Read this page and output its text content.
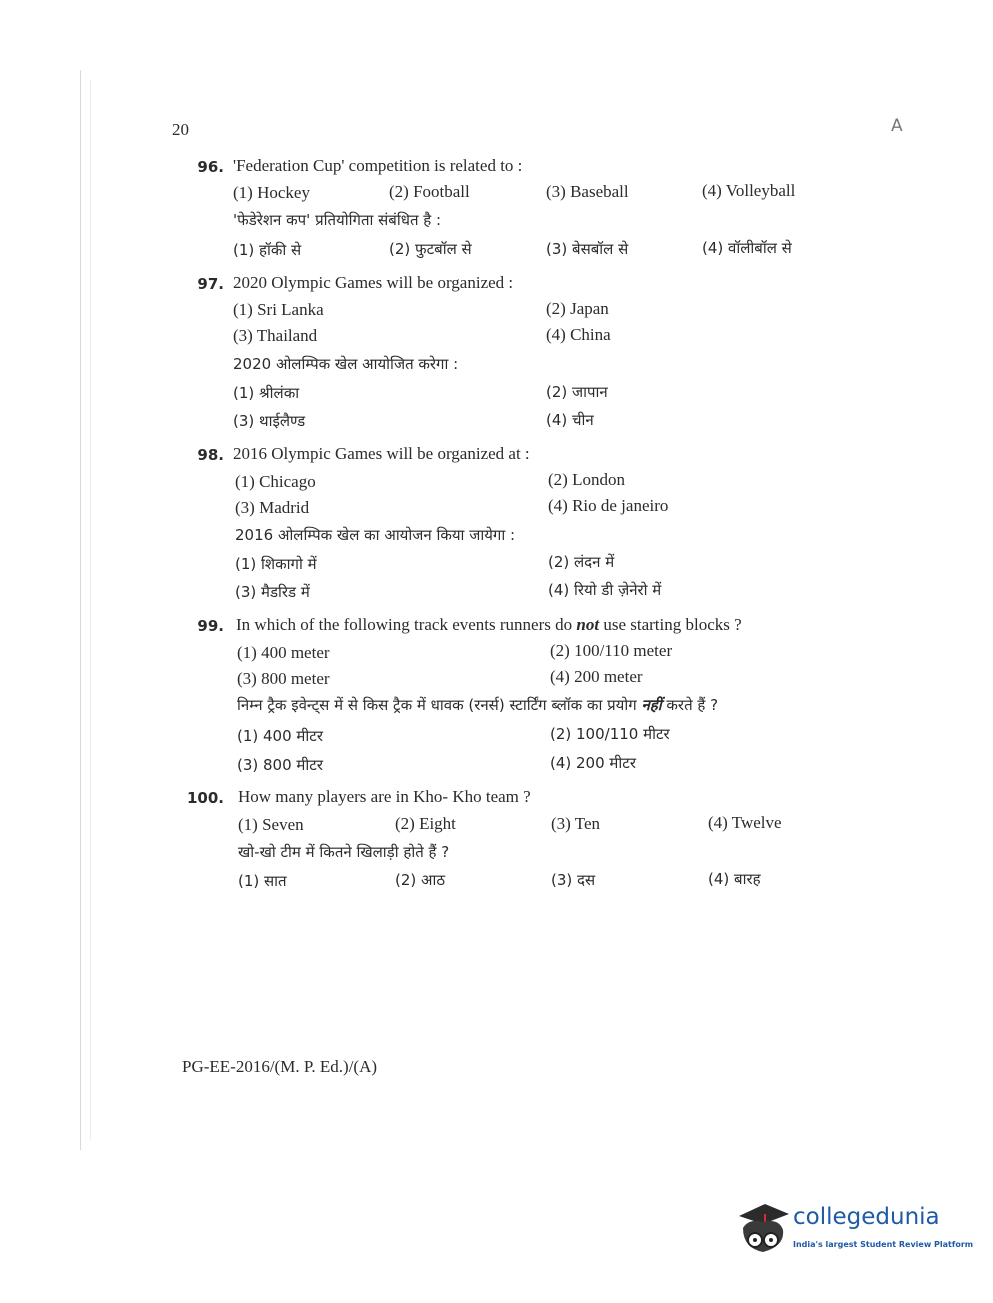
20	A
96. 'Federation Cup' competition is related to :
(1) Hockey	(2) Football	(3) Baseball	(4) Volleyball
'फेडेरेशन कप' प्रतियोगिता संबंधित है :
(1) हॉकी से	(2) फुटबॉल से	(3) बेसबॉल से	(4) वॉलीबॉल से
97. 2020 Olympic Games will be organized :
(1) Sri Lanka	(2) Japan
(3) Thailand	(4) China
2020 ओलम्पिक खेल आयोजित करेगा :
(1) श्रीलंका	(2) जापान
(3) थाईलैण्ड	(4) चीन
98. 2016 Olympic Games will be organized at :
(1) Chicago	(2) London
(3) Madrid	(4) Rio de janeiro
2016 ओलम्पिक खेल का आयोजन किया जायेगा :
(1) शिकागो में	(2) लंदन में
(3) मैडरिड में	(4) रियो डी ज़ेनेरो में
99. In which of the following track events runners do not use starting blocks ?
(1) 400 meter	(2) 100/110 meter
(3) 800 meter	(4) 200 meter
निम्न ट्रैक इवेन्ट्स में से किस ट्रैक में धावक (रनर्स) स्टार्टिंग ब्लॉक का प्रयोग नहीं करते हैं ?
(1) 400 मीटर	(2) 100/110 मीटर
(3) 800 मीटर	(4) 200 मीटर
100. How many players are in Kho- Kho team ?
(1) Seven	(2) Eight	(3) Ten	(4) Twelve
खो-खो टीम में कितने खिलाड़ी होते हैं ?
(1) सात	(2) आठ	(3) दस	(4) बारह
PG-EE-2016/(M. P. Ed.)/(A)
collegedunia
India's largest Student Review Platform
